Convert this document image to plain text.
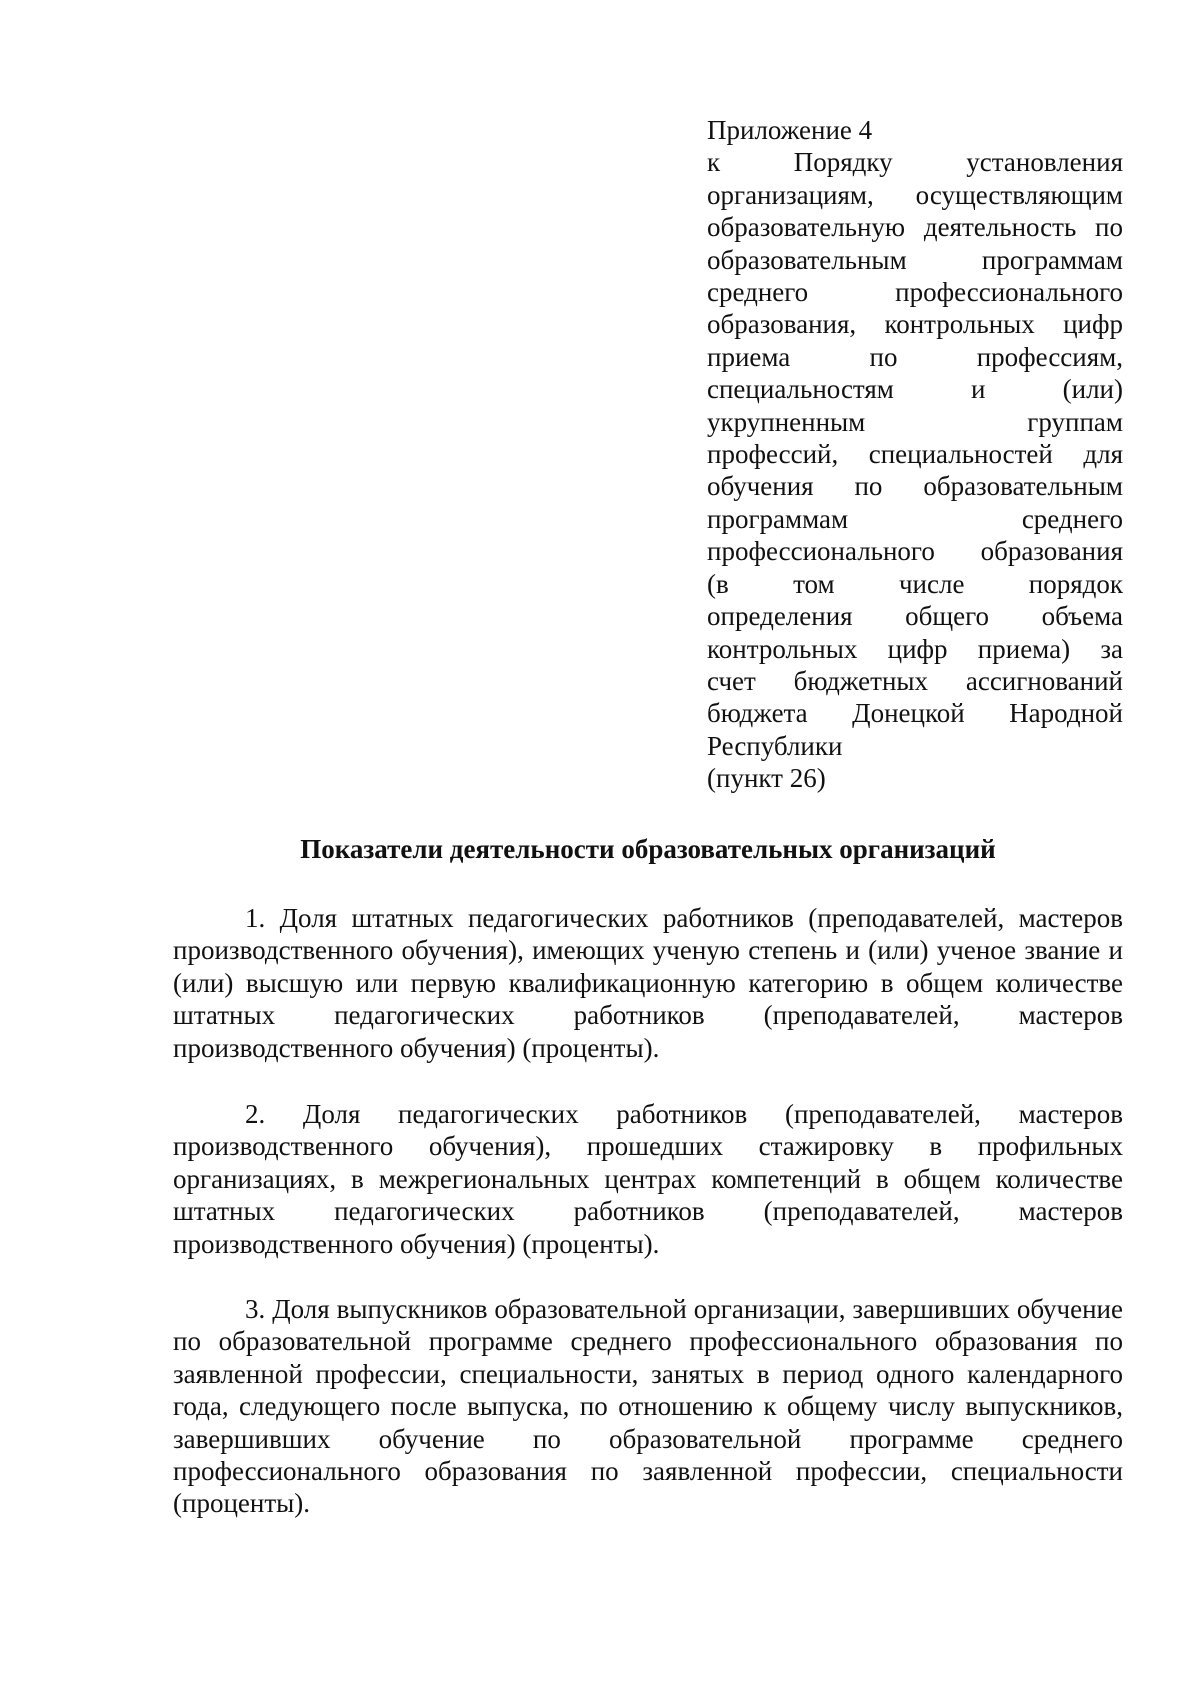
Приложение 4

к Порядку установления

организациям, осуществляющим

образовательную деятельность по

образовательным программам

среднего профессионального

образования, контрольных цифр

приема по профессиям,

специальностям и (или)

укрупненным группам

профессий, специальностей для

обучения по образовательным

программам среднего

профессионального образования

(в том числе порядок

определения общего объема

контрольных цифр приема) за

счет бюджетных ассигнований

бюджета Донецкой Народной

Республики

(пункт 26)

Показатели деятельности образовательных организаций

1. Доля штатных педагогических работников (преподавателей, мастеров производственного обучения), имеющих ученую степень и (или) ученое звание и (или) высшую или первую квалификационную категорию в общем количестве штатных педагогических работников (преподавателей, мастеров производственного обучения) (проценты).

2. Доля педагогических работников (преподавателей, мастеров производственного обучения), прошедших стажировку в профильных организациях, в межрегиональных центрах компетенций в общем количестве штатных педагогических работников (преподавателей, мастеров производственного обучения) (проценты).

3. Доля выпускников образовательной организации, завершивших обучение по образовательной программе среднего профессионального образования по заявленной профессии, специальности, занятых в период одного календарного года, следующего после выпуска, по отношению к общему числу выпускников, завершивших обучение по образовательной программе среднего профессионального образования по заявленной профессии, специальности (проценты).
